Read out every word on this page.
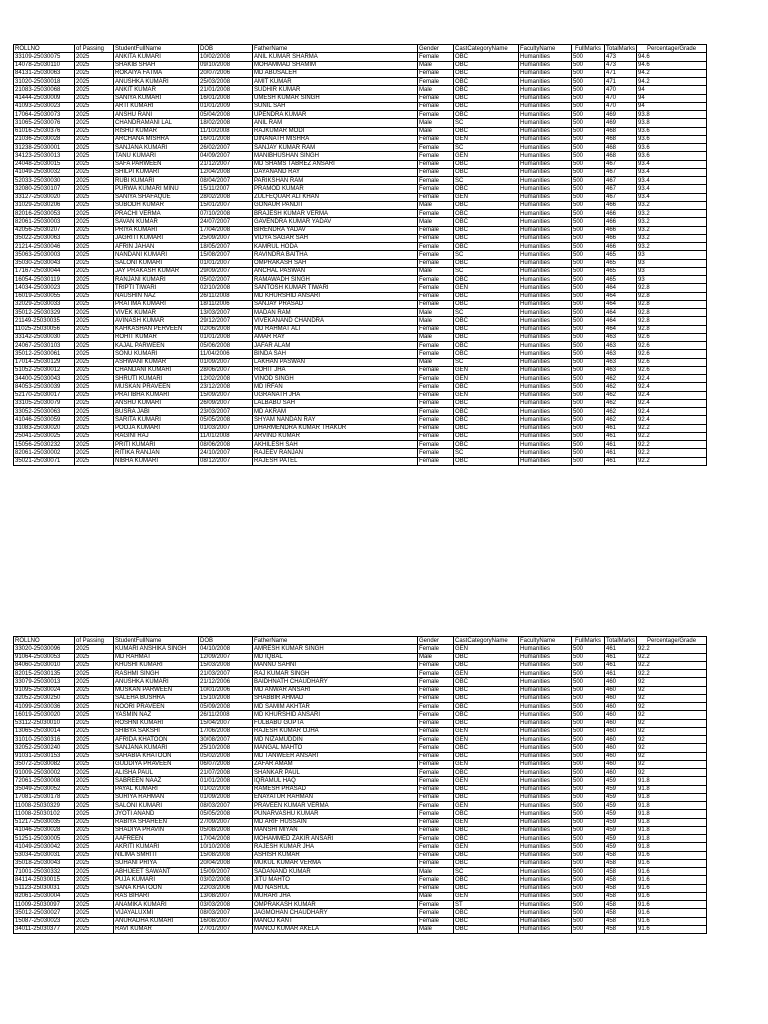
ROLLNO	of Passing	StudentFullName	DOB	FatherName	Gender	CastCategoryName	FacultyName	FullMarks	TotalMarks	Percentage/Grade
33109-25030075	2025	ANKITA KUMARI	10/02/2008	ANIL KUMAR SHARMA	Female	OBC	Humanities	500	473	94.6
14078-25030110	2025	SHAKIB SHAH	09/10/2008	MOHAMMAD SHAMIM	Male	OBC	Humanities	500	473	94.6
84131-25030063	2025	ROKAIYA FATMA	20/07/2006	MD ABUSALEH	Female	OBC	Humanities	500	471	94.2
31020-25030018	2025	ANUSHKA KUMARI	25/03/2008	AMIT KUMAR	Female	OBC	Humanities	500	471	94.2
21083-25030068	2025	ANKIT KUMAR	21/01/2008	SUDHIR KUMAR	Male	OBC	Humanities	500	470	94
41444-25030009	2025	SANIYA KUMARI	16/01/2008	UMESH KUMAR SINGH	Female	OBC	Humanities	500	470	94
41093-25030023	2025	ARTI KUMARI	01/01/2009	SUNIL SAH	Female	OBC	Humanities	500	470	94
17064-25030073	2025	ANSHU RANI	05/04/2008	UPENDRA KUMAR	Female	OBC	Humanities	500	469	93.8
31065-25030076	2025	CHANDRAMANI LAL	18/02/2008	ANIL RAM	Male	SC	Humanities	500	469	93.8
61016-25030376	2025	RISHU KUMAR	11/10/2008	RAJKUMAR MODI	Male	OBC	Humanities	500	468	93.6
21036-25030028	2025	ARCHANA MISHRA	16/01/2008	DINANATH MISHRA	Female	GEN	Humanities	500	468	93.6
31238-25030001	2025	SANJANA KUMARI	26/02/2007	SANJAY KUMAR RAM	Female	SC	Humanities	500	468	93.6
34123-25030013	2025	TANU KUMARI	04/09/2007	MANIBHUSHAN SINGH	Female	GEN	Humanities	500	468	93.6
24048-25030015	2025	SAFA PARWEEN	21/12/2007	MD SHAMS TABREZ ANSARI	Female	OBC	Humanities	500	467	93.4
41049-25030032	2025	SHILPI KUMARI	12/04/2008	DAYANAND RAY	Female	OBC	Humanities	500	467	93.4
52033-25030030	2025	RUBI KUMARI	08/04/2007	PARIKSHAN RAM	Female	SC	Humanities	500	467	93.4
32080-25030107	2025	PURWA KUMARI MINU	15/11/2007	PRAMOD KUMAR	Female	OBC	Humanities	500	467	93.4
33127-25030020	2025	SANIYA SHAFAQUE	28/02/2008	ZULFEQUAR ALI KHAN	Female	GEN	Humanities	500	467	93.4
31029-25030206	2025	SUBODH KUMAR	15/01/2007	GONAUR PANDIT	Male	OBC	Humanities	500	466	93.2
82016-25030053	2025	PRACHI VERMA	07/10/2008	BRAJESH KUMAR VERMA	Female	OBC	Humanities	500	466	93.2
82061-25030003	2025	SAVAN KUMAR	24/07/2007	GAVENDRA KUMAR YADAV	Male	OBC	Humanities	500	466	93.2
42056-25030207	2025	PRIYA KUMARI	17/04/2008	BIRENDRA YADAV	Female	OBC	Humanities	500	466	93.2
35022-25030063	2025	JAGRITI KUMARI	25/09/2007	VIDYA SAGAR SAH	Female	OBC	Humanities	500	466	93.2
21214-25030046	2025	AFRIN JAHAN	18/05/2007	KAMRUL HODA	Female	OBC	Humanities	500	466	93.2
35063-25030003	2025	NANDANI KUMARI	15/08/2007	RAVINDRA BAITHA	Female	SC	Humanities	500	465	93
35030-25030043	2025	SALONI KUMARI	01/01/2007	OMPRAKASH SAH	Female	OBC	Humanities	500	465	93
17167-25030044	2025	JAY PRAKASH KUMAR	29/09/2007	ANCHAL PASWAN	Male	SC	Humanities	500	465	93
16054-25030119	2025	RANJANI KUMARI	05/02/2007	RAMAWADH SINGH	Female	OBC	Humanities	500	465	93
14034-25030023	2025	TRIPTI TIWARI	02/10/2008	SANTOSH KUMAR TIWARI	Female	GEN	Humanities	500	464	92.8
16019-25030055	2025	NAUSHIN NAZ	26/11/2008	MD KHURSHID ANSARI	Female	OBC	Humanities	500	464	92.8
32029-25030033	2025	PRATIMA KUMARI	18/11/2006	SANJAY PRASAD	Female	OBC	Humanities	500	464	92.8
35012-25030329	2025	VIVEK KUMAR	13/03/2007	MADAN RAM	Male	SC	Humanities	500	464	92.8
21149-25030035	2025	AVINASH KUMAR	29/12/2007	VIVEKANAND CHANDRA	Male	OBC	Humanities	500	464	92.8
11025-25030056	2025	KAHKASHAN PERVEEN	02/06/2008	MD RAHMAT ALI	Female	OBC	Humanities	500	464	92.8
33142-25030030	2025	ROHIT KUMAR	01/01/2008	AMAR RAY	Male	OBC	Humanities	500	463	92.6
24067-25030103	2025	KAJAL PARWEEN	05/06/2008	JAFAR ALAM	Female	OBC	Humanities	500	463	92.6
35012-25030061	2025	SONU KUMARI	11/04/2006	BINDA SAH	Female	OBC	Humanities	500	463	92.6
17014-25030129	2025	ASHWANI KUMAR	01/09/2007	LAKHAN PASWAN	Male	SC	Humanities	500	463	92.6
51052-25030012	2025	CHANDANI KUMARI	28/06/2007	ROHIT JHA	Female	GEN	Humanities	500	463	92.6
34400-25030043	2025	SHRUTI KUMARI	12/02/2008	VINOD SINGH	Female	GEN	Humanities	500	462	92.4
84053-25030039	2025	MUSKAN PRAVEEN	23/12/2008	MD IRFAN	Female	OBC	Humanities	500	462	92.4
52170-25030017	2025	PRATIBHA KUMARI	15/09/2007	UGRANATH JHA	Female	GEN	Humanities	500	462	92.4
33105-25030079	2025	ANSHU KUMARI	26/09/2007	LALBABU SAH	Female	OBC	Humanities	500	462	92.4
33052-25030063	2025	BUSRA JABI	23/03/2007	MD AKRAM	Female	OBC	Humanities	500	462	92.4
41046-25030059	2025	SARITA KUMARI	05/05/2008	SHYAM NANDAN RAY	Female	OBC	Humanities	500	462	92.4
31083-25030020	2025	POOJA KUMARI	01/03/2007	DHARMENDRA KUMAR THAKUR	Female	OBC	Humanities	500	461	92.2
25041-25030025	2025	RAGINI RAJ	11/01/2008	ARVIND KUMAR	Female	OBC	Humanities	500	461	92.2
15056-25030232	2025	PRITI KUMARI	08/06/2008	AKHILESH SAH	Female	OBC	Humanities	500	461	92.2
82061-25030002	2025	RITIKA RANJAN	24/10/2007	RAJEEV RANJAN	Female	SC	Humanities	500	461	92.2
35021-25030071	2025	NIBHA KUMARI	08/12/2007	RAJESH PATEL	Female	OBC	Humanities	500	461	92.2
ROLLNO	of Passing	StudentFullName	DOB	FatherName	Gender	CastCategoryName	FacultyName	FullMarks	TotalMarks	Percentage/Grade
33020-25030096	2025	KUMARI ANSHIKA SINGH	04/10/2008	AMRESH KUMAR SINGH	Female	GEN	Humanities	500	461	92.2
91064-25030053	2025	MD RAHMAT	12/09/2007	MD IQBAL	Male	OBC	Humanities	500	461	92.2
84060-25030010	2025	KHUSHI KUMARI	15/03/2008	MANNU SAHNI	Female	OBC	Humanities	500	461	92.2
82015-25030135	2025	RASHMI SINGH	21/03/2007	RAJ KUMAR SINGH	Female	GEN	Humanities	500	461	92.2
33079-25030013	2025	ANUSHKA KUMARI	21/12/2006	BAIDHNATH CHAUDHARY	Female	OBC	Humanities	500	460	92
91095-25030024	2025	MUSKAN PARWEEN	10/01/2006	MD ANWAR ANSARI	Female	OBC	Humanities	500	460	92
32052-25030250	2025	SALEHA BUSHRA	15/10/2008	SHABBIR AHMAD	Female	OBC	Humanities	500	460	92
41099-25030036	2025	NOORI PRAVEEN	05/09/2008	MD SAMIM AKHTAR	Female	OBC	Humanities	500	460	92
16019-25030020	2025	YASMIN NAZ	26/11/2008	MD KHURSHID ANSARI	Female	OBC	Humanities	500	460	92
53112-25030010	2025	ROSHNI KUMARI	15/04/2007	FULBABU GUPTA	Female	OBC	Humanities	500	460	92
13065-25030014	2025	SHIBYA SAKSHI	17/06/2008	RAJESH KUMAR OJHA	Female	GEN	Humanities	500	460	92
31010-25030316	2025	AFRIDA KHATOON	30/08/2007	MD NIZAMUDDIN	Female	GEN	Humanities	500	460	92
32052-25030240	2025	SANJANA KUMARI	25/10/2008	MANGAL MAHTO	Female	OBC	Humanities	500	460	92
91031-25030153	2025	SAHABIA KHATOON	05/02/2008	MD TANWEER ANSARI	Female	OBC	Humanities	500	460	92
35072-25030082	2025	GUDDIYA PRAVEEN	06/07/2008	ZAFAR AMAM	Female	GEN	Humanities	500	460	92
91009-25030002	2025	ALISHA PAUL	21/07/2008	SHANKAR PAUL	Female	OBC	Humanities	500	460	92
72061-25030008	2025	SABREEN NAAZ	01/01/2008	IQRAMUL HAQ	Female	GEN	Humanities	500	459	91.8
35049-25030052	2025	PAYAL KUMARI	01/02/2008	RAMESH PRASAD	Female	OBC	Humanities	500	459	91.8
17081-25030178	2025	SURIYA RAHMAN	01/09/2008	ENAYATUR RAHMAN	Female	OBC	Humanities	500	459	91.8
11008-25030329	2025	SALONI KUMARI	08/03/2007	PRAVEEN KUMAR VERMA	Female	GEN	Humanities	500	459	91.8
11008-25030102	2025	JYOTI ANAND	05/05/2008	PUNARVASHU KUMAR	Female	OBC	Humanities	500	459	91.8
51217-25030035	2025	RABIYA SHAHEEN	27/09/2007	MD ARIF HUSSAIN	Female	GEN	Humanities	500	459	91.8
41046-25030028	2025	SHADIYA PRAVIN	05/08/2008	MANSHI MIYAN	Female	OBC	Humanities	500	459	91.8
51251-25030005	2025	AAFREEN	17/04/2008	MOHAMMED ZAKIR ANSARI	Female	OBC	Humanities	500	459	91.8
41049-25030042	2025	AKRITI KUMARI	10/10/2008	RAJESH KUMAR JHA	Female	GEN	Humanities	500	459	91.8
53034-25030031	2025	NILIMA SMRITI	15/08/2008	ASHISH KUMAR	Female	OBC	Humanities	500	458	91.6
35018-25030043	2025	SUHANI PRIYA	20/04/2008	MUKUL KUMAR VERMA	Female	OBC	Humanities	500	458	91.6
71001-25030332	2025	ABHIJEET SAWANT	15/09/2007	SADANAND KUMAR	Male	SC	Humanities	500	458	91.6
84114-25030015	2025	PUJA KUMARI	03/02/2008	JITU MAHTO	Female	OBC	Humanities	500	458	91.6
51123-25030031	2025	SANA KHATOON	22/03/2006	MD NASRUL	Female	OBC	Humanities	500	458	91.6
82061-25030004	2025	RAS BIHARI	13/08/2007	MURARI JHA	Male	GEN	Humanities	500	458	91.6
11009-25030097	2025	ANAMIKA KUMARI	03/03/2008	OMPRAKASH KUMAR	Female	ST	Humanities	500	458	91.6
35012-25030027	2025	VIJAYALUXMI	08/03/2007	JAGMOHAN CHAUDHARY	Female	OBC	Humanities	500	458	91.6
15087-25030023	2025	ANURADHA KUMARI	16/08/2007	MANOJ KANT	Female	OBC	Humanities	500	458	91.6
34011-25030377	2025	RAVI KUMAR	27/01/2007	MANOJ KUMAR AKELA	Male	OBC	Humanities	500	458	91.6
